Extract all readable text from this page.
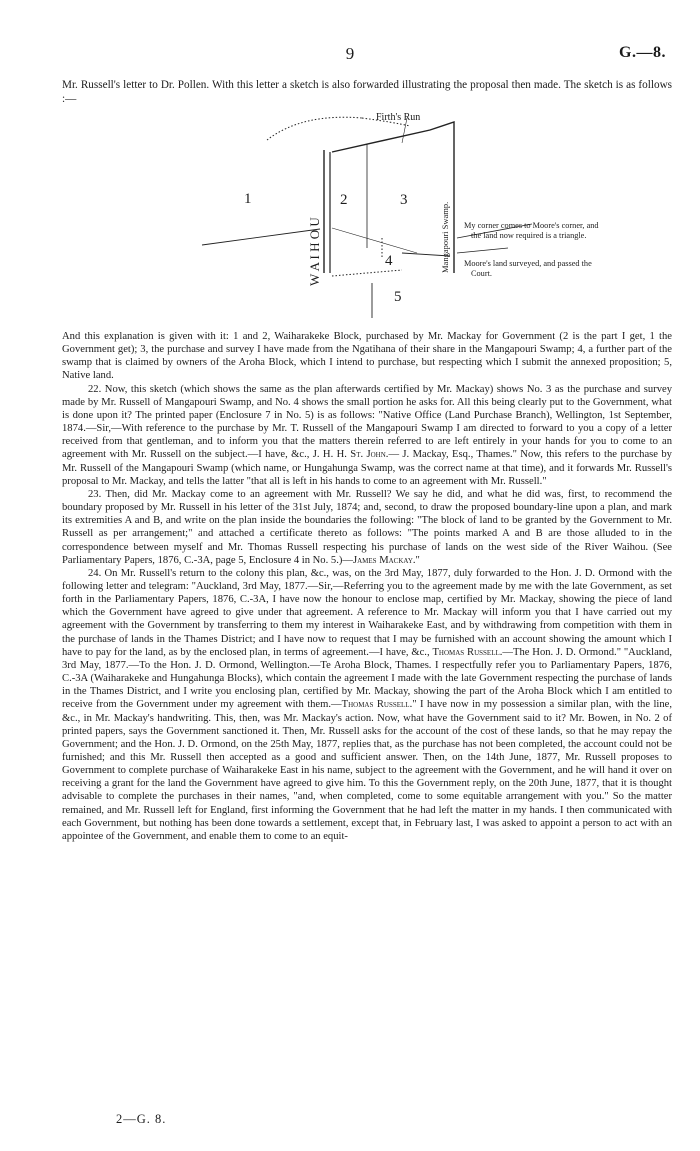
9	G.—8.
Mr. Russell's letter to Dr. Pollen. With this letter a sketch is also forwarded illustrating the proposal then made. The sketch is as follows :—
Firth's Run
1	2	3
4
5
W A I H O U	Mangapouri Swamp. My corner comes to Moore's corner, and
the land now required is a triangle.
Moore's land surveyed, and passed the
Court.

And this explanation is given with it: 1 and 2, Waiharakeke Block, purchased by Mr. Mackay for Government (2 is the part I get, 1 the Government get); 3, the purchase and survey I have made from the Ngatihana of their share in the Mangapouri Swamp; 4, a further part of the swamp that is claimed by owners of the Aroha Block, which I intend to purchase, but respecting which I submit the annexed proposition; 5, Native land.

22. Now, this sketch (which shows the same as the plan afterwards certified by Mr. Mackay) shows No. 3 as the purchase and survey made by Mr. Russell of Mangapouri Swamp, and No. 4 shows the small portion he asks for. All this being clearly put to the Government, what is done upon it? The printed paper (Enclosure 7 in No. 5) is as follows: "Native Office (Land Purchase Branch), Wellington, 1st September, 1874.—Sir,—With reference to the purchase by Mr. T. Russell of the Mangapouri Swamp I am directed to forward to you a copy of a letter received from that gentleman, and to inform you that the matters therein referred to are left entirely in your hands for you to come to an agreement with Mr. Russell on the subject.—I have, &c., J. H. H. St. John.— J. Mackay, Esq., Thames." Now, this refers to the purchase by Mr. Russell of the Mangapouri Swamp (which name, or Hungahunga Swamp, was the correct name at that time), and it forwards Mr. Russell's proposal to Mr. Mackay, and tells the latter "that all is left in his hands to come to an agreement with Mr. Russell."

23. Then, did Mr. Mackay come to an agreement with Mr. Russell? We say he did, and what he did was, first, to recommend the boundary proposed by Mr. Russell in his letter of the 31st July, 1874; and, second, to draw the proposed boundary-line upon a plan, and mark its extremities A and B, and write on the plan inside the boundaries the following: "The block of land to be granted by the Government to Mr. Russell as per arrangement;" and attached a certificate thereto as follows: "The points marked A and B are those alluded to in the correspondence between myself and Mr. Thomas Russell respecting his purchase of lands on the west side of the River Waihou. (See Parliamentary Papers, 1876, C.-3A, page 5, Enclosure 4 in No. 5.)—James Mackay."

24. On Mr. Russell's return to the colony this plan, &c., was, on the 3rd May, 1877, duly forwarded to the Hon. J. D. Ormond with the following letter and telegram: "Auckland, 3rd May, 1877.—Sir,—Referring you to the agreement made by me with the late Government, as set forth in the Parliamentary Papers, 1876, C.-3A, I have now the honour to enclose map, certified by Mr. Mackay, showing the piece of land which the Government have agreed to give under that agreement. A reference to Mr. Mackay will inform you that I have carried out my agreement with the Government by transferring to them my interest in Waiharakeke East, and by withdrawing from competition with them in the purchase of lands in the Thames District; and I have now to request that I may be furnished with an account showing the amount which I have to pay for the land, as by the enclosed plan, in terms of agreement.—I have, &c., Thomas Russell.—The Hon. J. D. Ormond." "Auckland, 3rd May, 1877.—To the Hon. J. D. Ormond, Wellington.—Te Aroha Block, Thames. I respectfully refer you to Parliamentary Papers, 1876, C.-3A (Waiharakeke and Hungahunga Blocks), which contain the agreement I made with the late Government respecting the purchase of lands in the Thames District, and I write you enclosing plan, certified by Mr. Mackay, showing the part of the Aroha Block which I am entitled to receive from the Government under my agreement with them.—Thomas Russell." I have now in my possession a similar plan, with the line, &c., in Mr. Mackay's handwriting. This, then, was Mr. Mackay's action. Now, what have the Government said to it? Mr. Bowen, in No. 2 of printed papers, says the Government sanctioned it. Then, Mr. Russell asks for the account of the cost of these lands, so that he may repay the Government; and the Hon. J. D. Ormond, on the 25th May, 1877, replies that, as the purchase has not been completed, the account could not be furnished; and this Mr. Russell then accepted as a good and sufficient answer. Then, on the 14th June, 1877, Mr. Russell proposes to Government to complete purchase of Waiharakeke East in his name, subject to the agreement with the Government, and he will hand it over on receiving a grant for the land the Government have agreed to give him. To this the Government reply, on the 20th June, 1877, that it is thought advisable to complete the purchases in their names, "and, when completed, come to some equitable arrangement with you." So the matter remained, and Mr. Russell left for England, first informing the Government that he had left the matter in my hands. I then communicated with each Government, but nothing has been done towards a settlement, except that, in February last, I was asked to appoint a person to act with an appointee of the Government, and enable them to come to an equit-

2—G. 8.
